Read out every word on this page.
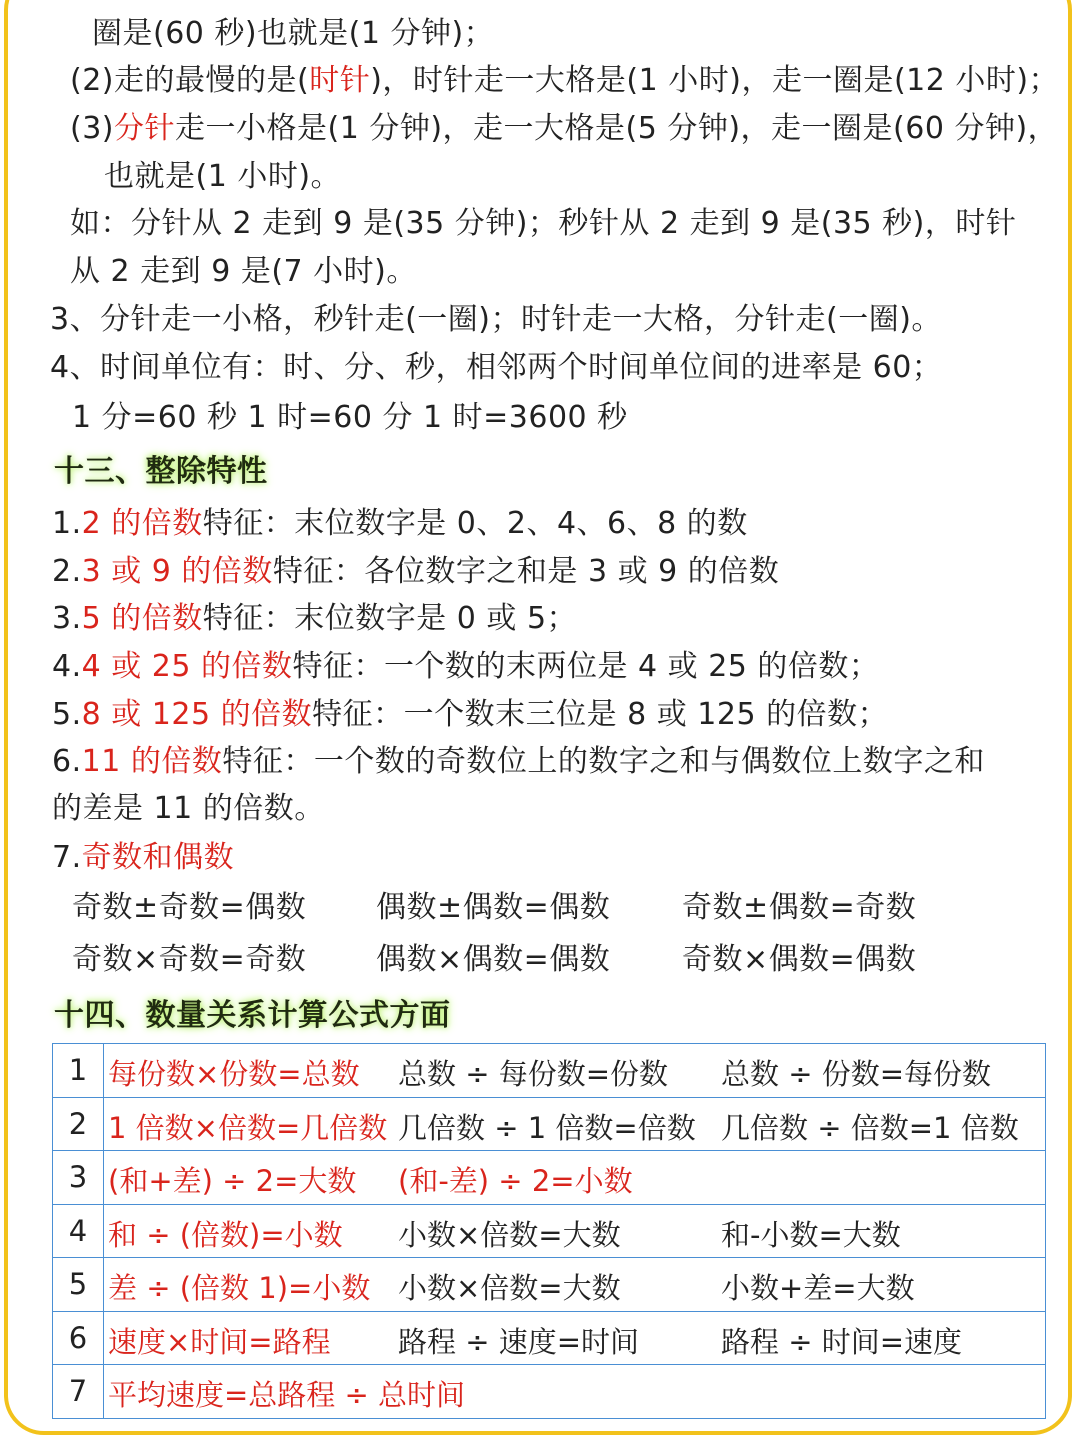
圈是(60 秒)也就是(1 分钟)；
(2)走的最慢的是(时针)，时针走一大格是(1 小时)，走一圈是(12 小时)；
(3)分针走一小格是(1 分钟)，走一大格是(5 分钟)，走一圈是(60 分钟)，
也就是(1 小时)。
如：分针从 2 走到 9 是(35 分钟)；秒针从 2 走到 9 是(35 秒)，时针
从 2 走到 9 是(7 小时)。
3、分针走一小格，秒针走(一圈)；时针走一大格，分针走(一圈)。
4、时间单位有：时、分、秒，相邻两个时间单位间的进率是 60；
1 分=60 秒 1 时=60 分 1 时=3600 秒
十三、整除特性
1.2 的倍数特征：末位数字是 0、2、4、6、8 的数
2.3 或 9 的倍数特征：各位数字之和是 3 或 9 的倍数
3.5 的倍数特征：末位数字是 0 或 5；
4.4 或 25 的倍数特征：一个数的末两位是 4 或 25 的倍数；
5.8 或 125 的倍数特征：一个数末三位是 8 或 125 的倍数；
6.11 的倍数特征：一个数的奇数位上的数字之和与偶数位上数字之和
的差是 11 的倍数。
7.奇数和偶数
奇数±奇数=偶数 偶数±偶数=偶数 奇数±偶数=奇数
奇数×奇数=奇数 偶数×偶数=偶数 奇数×偶数=偶数
十四、数量关系计算公式方面
1	每份数×份数=总数 总数 ÷ 每份数=份数 总数 ÷ 份数=每份数

2	1 倍数×倍数=几倍数 几倍数 ÷ 1 倍数=倍数 几倍数 ÷ 倍数=1 倍数

3	(和+差) ÷ 2=大数 (和-差) ÷ 2=小数

4	和 ÷ (倍数)=小数 小数×倍数=大数 和-小数=大数

5	差 ÷ (倍数 1)=小数 小数×倍数=大数 小数+差=大数

6	速度×时间=路程 路程 ÷ 速度=时间 路程 ÷ 时间=速度

7	平均速度=总路程 ÷ 总时间
